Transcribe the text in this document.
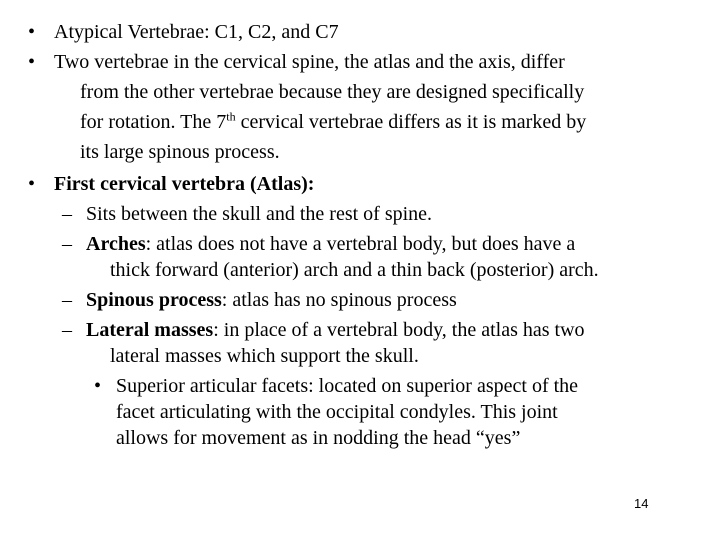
• Atypical Vertebrae: C1, C2, and C7
• Two vertebrae in the cervical spine, the atlas and the axis, differ
from the other vertebrae because they are designed specifically
for rotation. The 7th cervical vertebrae differs as it is marked by
its large spinous process.
• First cervical vertebra (Atlas):
– Sits between the skull and the rest of spine.
– Arches: atlas does not have a vertebral body, but does have a
thick forward (anterior) arch and a thin back (posterior) arch.
– Spinous process: atlas has no spinous process
– Lateral masses: in place of a vertebral body, the atlas has two
lateral masses which support the skull.
• Superior articular facets: located on superior aspect of the
facet articulating with the occipital condyles. This joint
allows for movement as in nodding the head “yes”
14
